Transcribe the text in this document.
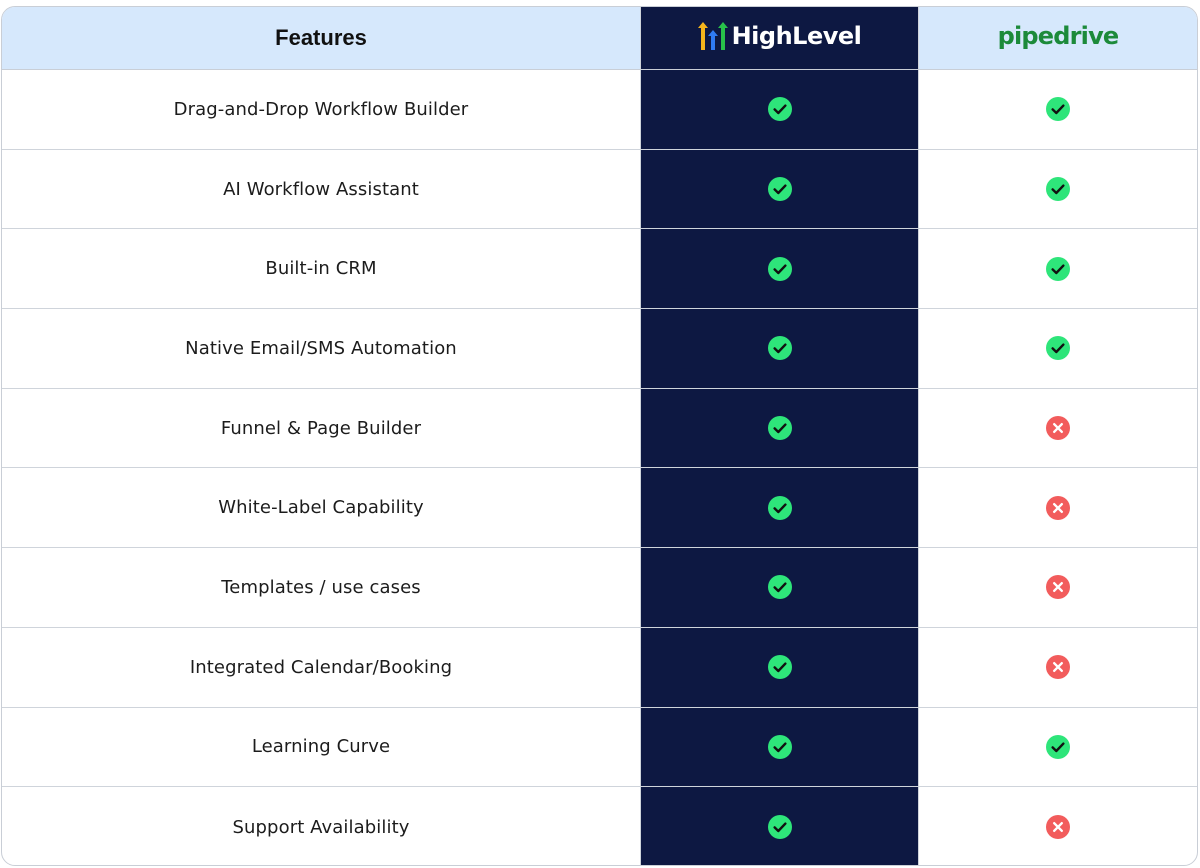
Features	HighLevel	pipedrive
Drag-and-Drop Workflow Builder
AI Workflow Assistant
Built-in CRM
Native Email/SMS Automation
Funnel & Page Builder
White-Label Capability
Templates / use cases
Integrated Calendar/Booking
Learning Curve
Support Availability
